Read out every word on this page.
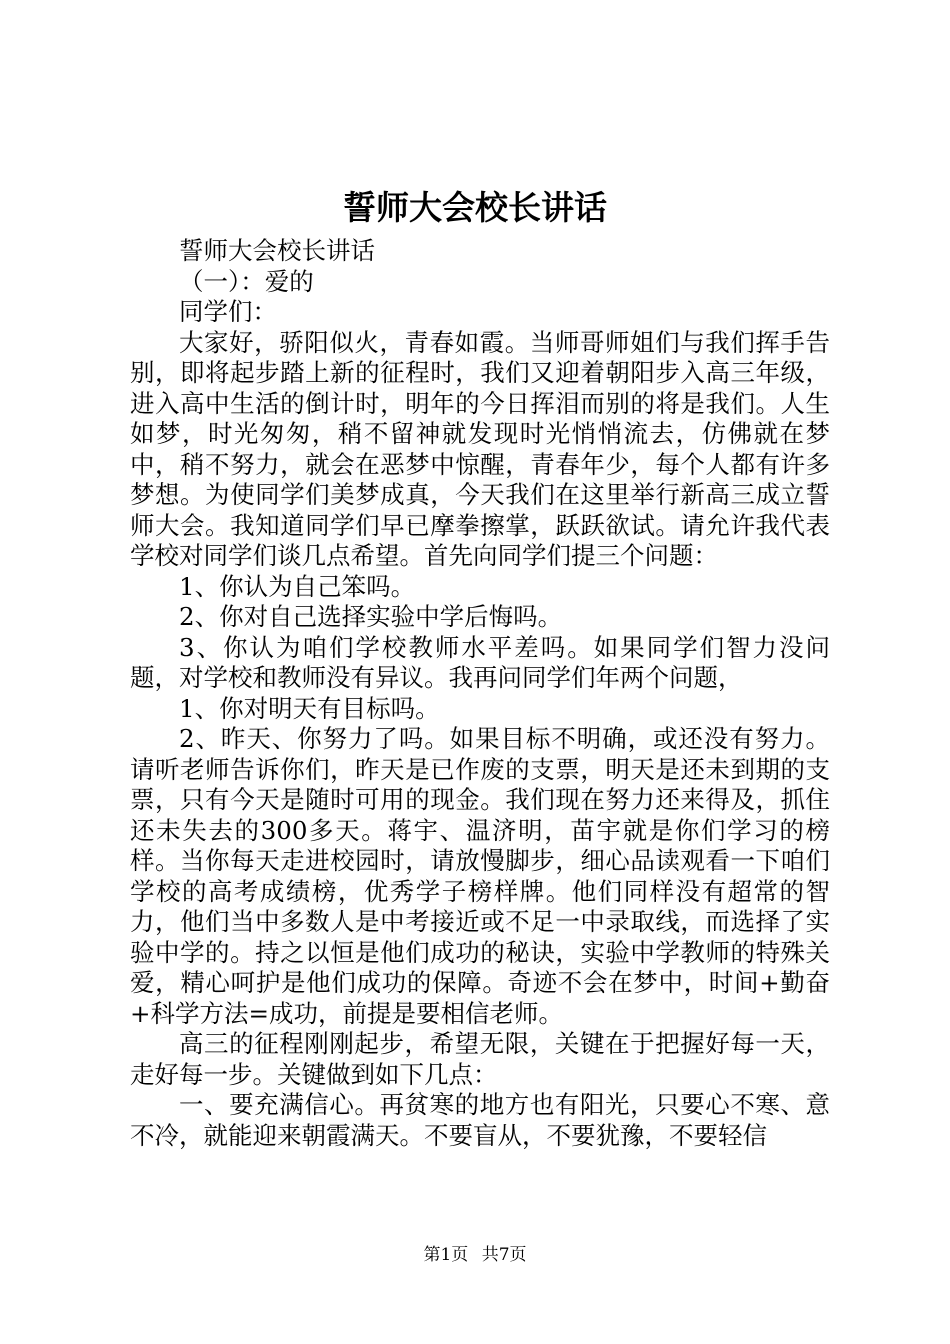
誓师大会校长讲话

誓师大会校长讲话

（一）：爱的

同学们：

大家好，骄阳似火，青春如霞。当师哥师姐们与我们挥手告别，即将起步踏上新的征程时，我们又迎着朝阳步入高三年级，进入高中生活的倒计时，明年的今日挥泪而别的将是我们。人生如梦，时光匆匆，稍不留神就发现时光悄悄流去，仿佛就在梦中，稍不努力，就会在恶梦中惊醒，青春年少，每个人都有许多梦想。为使同学们美梦成真，今天我们在这里举行新高三成立誓师大会。我知道同学们早已摩拳擦掌，跃跃欲试。请允许我代表学校对同学们谈几点希望。首先向同学们提三个问题：

1、你认为自己笨吗。

2、你对自己选择实验中学后悔吗。

3、你认为咱们学校教师水平差吗。如果同学们智力没问题，对学校和教师没有异议。我再问同学们年两个问题，

1、你对明天有目标吗。

2、昨天、你努力了吗。如果目标不明确，或还没有努力。请听老师告诉你们，昨天是已作废的支票，明天是还未到期的支票，只有今天是随时可用的现金。我们现在努力还来得及，抓住还未失去的300多天。蒋宇、温济明，苗宇就是你们学习的榜样。当你每天走进校园时，请放慢脚步，细心品读观看一下咱们学校的高考成绩榜，优秀学子榜样牌。他们同样没有超常的智力，他们当中多数人是中考接近或不足一中录取线，而选择了实验中学的。持之以恒是他们成功的秘诀，实验中学教师的特殊关爱，精心呵护是他们成功的保障。奇迹不会在梦中，时间+勤奋+科学方法=成功，前提是要相信老师。

高三的征程刚刚起步，希望无限，关键在于把握好每一天，走好每一步。关键做到如下几点：

一、要充满信心。再贫寒的地方也有阳光，只要心不寒、意不冷，就能迎来朝霞满天。不要盲从，不要犹豫，不要轻信

第1页 共7页
